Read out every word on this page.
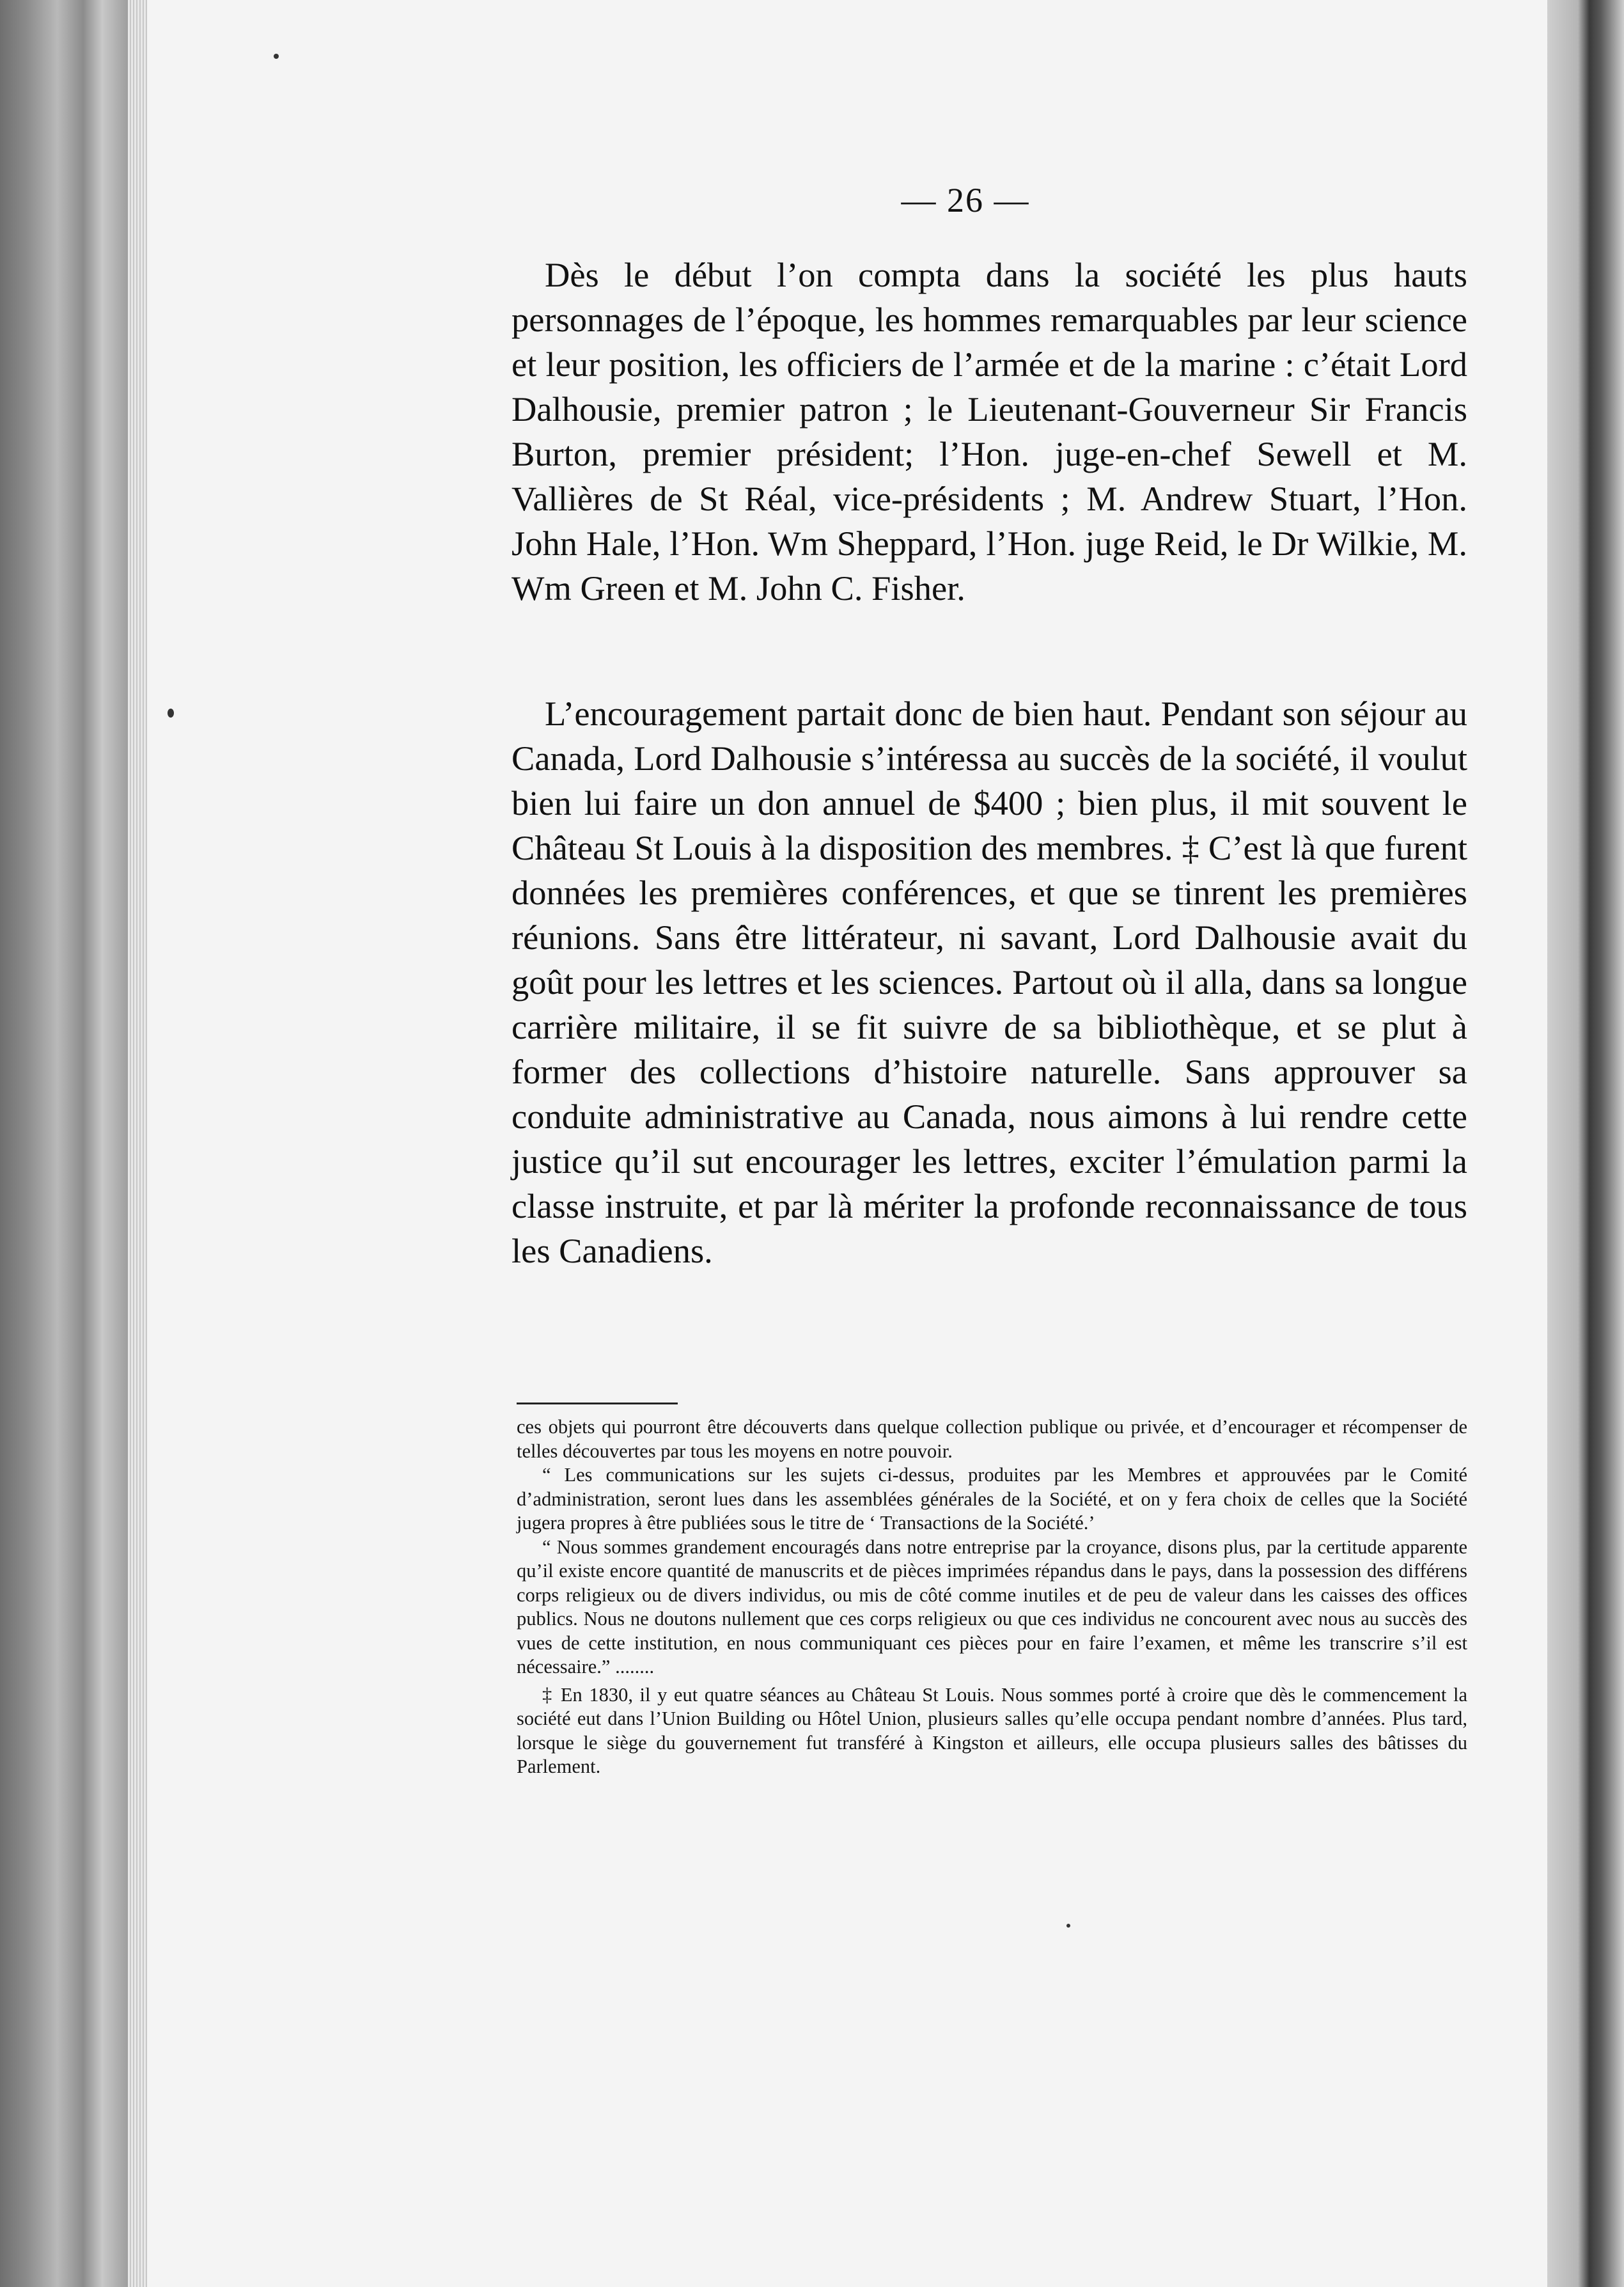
— 26 —

Dès le début l’on compta dans la société les plus hauts personnages de l’époque, les hommes remarquables par leur science et leur position, les officiers de l’armée et de la marine : c’était Lord Dalhousie, premier patron ; le Lieutenant-Gouverneur Sir Francis Burton, premier président; l’Hon. juge-en-chef Sewell et M. Vallières de St Réal, vice-présidents ; M. Andrew Stuart, l’Hon. John Hale, l’Hon. Wm Sheppard, l’Hon. juge Reid, le Dr Wilkie, M. Wm Green et M. John C. Fisher.

L’encouragement partait donc de bien haut. Pendant son séjour au Canada, Lord Dalhousie s’intéressa au succès de la société, il voulut bien lui faire un don annuel de $400 ; bien plus, il mit souvent le Château St Louis à la disposition des membres. ‡ C’est là que furent données les premières conférences, et que se tinrent les premières réunions. Sans être littérateur, ni savant, Lord Dalhousie avait du goût pour les lettres et les sciences. Partout où il alla, dans sa longue carrière militaire, il se fit suivre de sa bibliothèque, et se plut à former des collections d’histoire naturelle. Sans approuver sa conduite administrative au Canada, nous aimons à lui rendre cette justice qu’il sut encourager les lettres, exciter l’émulation parmi la classe instruite, et par là mériter la profonde reconnaissance de tous les Canadiens.

ces objets qui pourront être découverts dans quelque collection publique ou privée, et d’encourager et récompenser de telles découvertes par tous les moyens en notre pouvoir.

“ Les communications sur les sujets ci-dessus, produites par les Membres et approuvées par le Comité d’administration, seront lues dans les assemblées générales de la Société, et on y fera choix de celles que la Société jugera propres à être publiées sous le titre de ‘ Transactions de la Société.’

“ Nous sommes grandement encouragés dans notre entreprise par la croyance, disons plus, par la certitude apparente qu’il existe encore quantité de manuscrits et de pièces imprimées répandus dans le pays, dans la possession des différens corps religieux ou de divers individus, ou mis de côté comme inutiles et de peu de valeur dans les caisses des offices publics. Nous ne doutons nullement que ces corps religieux ou que ces individus ne concourent avec nous au succès des vues de cette institution, en nous communiquant ces pièces pour en faire l’examen, et même les transcrire s’il est nécessaire.” ........

‡ En 1830, il y eut quatre séances au Château St Louis. Nous sommes porté à croire que dès le commencement la société eut dans l’Union Building ou Hôtel Union, plusieurs salles qu’elle occupa pendant nombre d’années. Plus tard, lorsque le siège du gouvernement fut transféré à Kingston et ailleurs, elle occupa plusieurs salles des bâtisses du Parlement.
